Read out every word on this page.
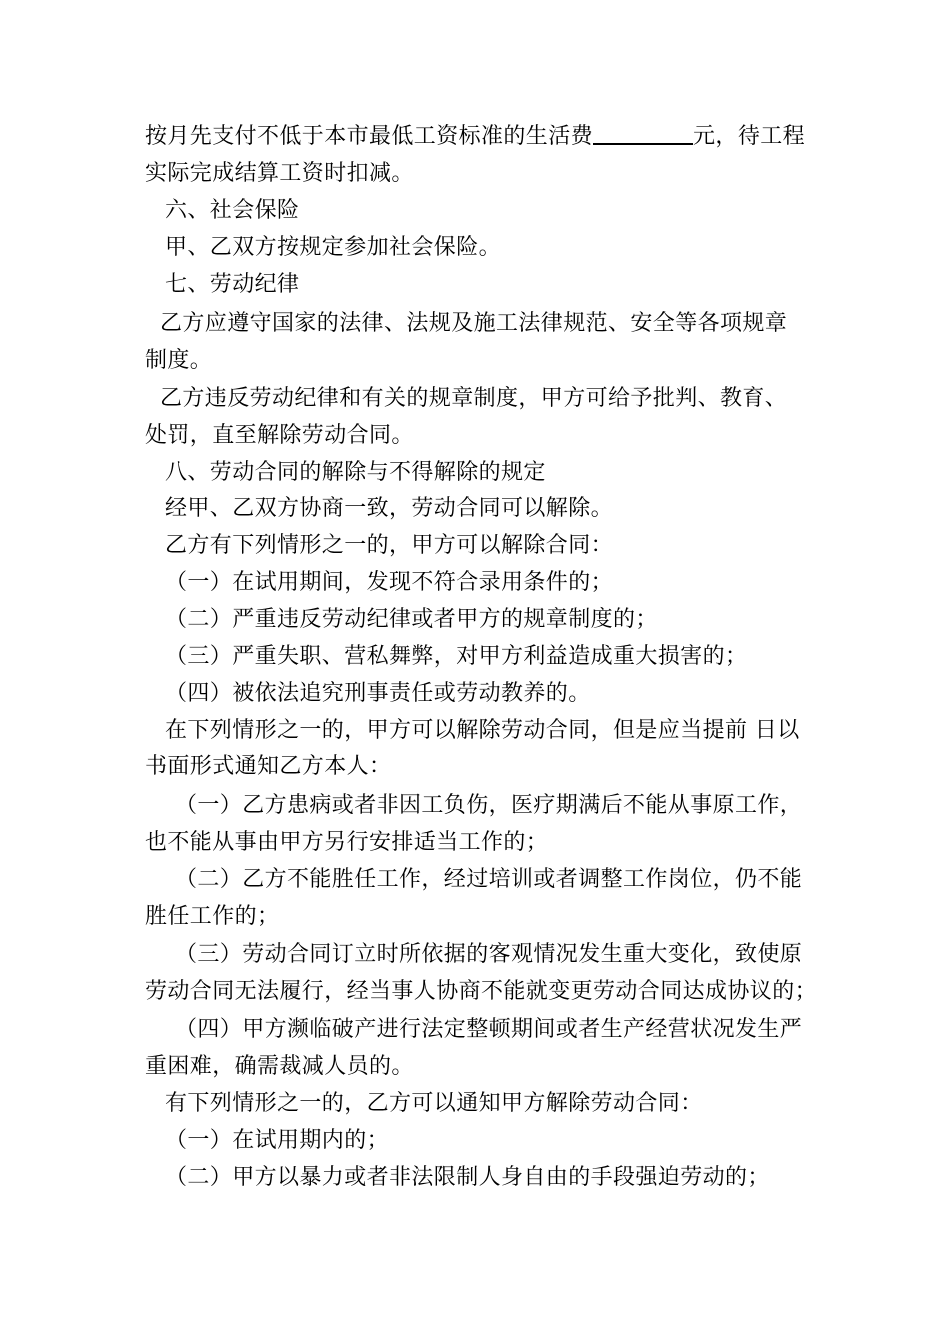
按月先支付不低于本市最低工资标准的生活费	元，待工程
实际完成结算工资时扣减。
六、社会保险
甲、乙双方按规定参加社会保险。
七、劳动纪律
乙方应遵守国家的法律、法规及施工法律规范、安全等各项规章
制度。
乙方违反劳动纪律和有关的规章制度，甲方可给予批判、教育、
处罚，直至解除劳动合同。
八、劳动合同的解除与不得解除的规定
经甲、乙双方协商一致，劳动合同可以解除。
乙方有下列情形之一的，甲方可以解除合同：
（一）在试用期间，发现不符合录用条件的；
（二）严重违反劳动纪律或者甲方的规章制度的；
（三）严重失职、营私舞弊，对甲方利益造成重大损害的；
（四）被依法追究刑事责任或劳动教养的。
在下列情形之一的，甲方可以解除劳动合同，但是应当提前 日以
书面形式通知乙方本人：
（一）乙方患病或者非因工负伤，医疗期满后不能从事原工作，
也不能从事由甲方另行安排适当工作的；
（二）乙方不能胜任工作，经过培训或者调整工作岗位，仍不能
胜任工作的；
（三）劳动合同订立时所依据的客观情况发生重大变化，致使原
劳动合同无法履行，经当事人协商不能就变更劳动合同达成协议的；
（四）甲方濒临破产进行法定整顿期间或者生产经营状况发生严
重困难，确需裁减人员的。
有下列情形之一的，乙方可以通知甲方解除劳动合同：
（一）在试用期内的；
（二）甲方以暴力或者非法限制人身自由的手段强迫劳动的；
